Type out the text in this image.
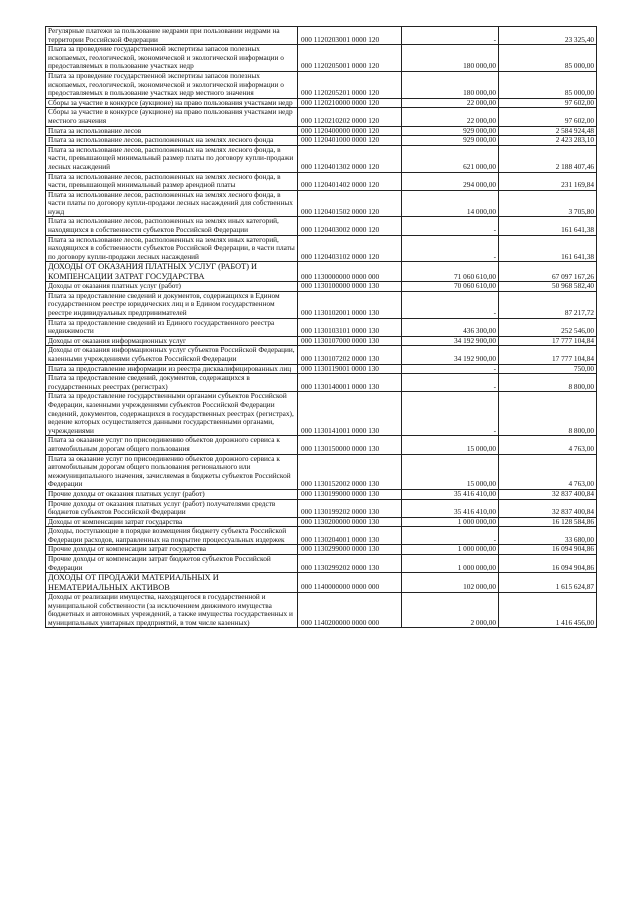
Регулярные платежи за пользование недрами при пользовании недрами на территории Российской Федерации	000 1120203001 0000 120	-	23 325,40
Плата за проведение государственной экспертизы запасов полезных ископаемых, геологической, экономической и экологической информации о предоставляемых в пользование участках недр	000 1120205001 0000 120	180 000,00	85 000,00
Плата за проведение государственной экспертизы запасов полезных ископаемых, геологической, экономической и экологической информации о предоставляемых в пользование участках недр местного значения	000 1120205201 0000 120	180 000,00	85 000,00
Сборы за участие в конкурсе (аукционе) на право пользования участками недр	000 1120210000 0000 120	22 000,00	97 602,00
Сборы за участие в конкурсе (аукционе) на право пользования участками недр местного значения	000 1120210202 0000 120	22 000,00	97 602,00
Плата за использование лесов	000 1120400000 0000 120	929 000,00	2 584 924,48
Плата за использование лесов, расположенных на землях лесного фонда	000 1120401000 0000 120	929 000,00	2 423 283,10
Плата за использование лесов, расположенных на землях лесного фонда, в части, превышающей минимальный размер платы по договору купли-продажи лесных насаждений	000 1120401302 0000 120	621 000,00	2 188 407,46
Плата за использование лесов, расположенных на землях лесного фонда, в части, превышающей минимальный размер арендной платы	000 1120401402 0000 120	294 000,00	231 169,84
Плата за использование лесов, расположенных на землях лесного фонда, в части платы по договору купли-продажи лесных насаждений для собственных нужд	000 1120401502 0000 120	14 000,00	3 705,80
Плата за использование лесов, расположенных на землях иных категорий, находящихся в собственности субъектов Российской Федерации	000 1120403002 0000 120	-	161 641,38
Плата за использование лесов, расположенных на землях иных категорий, находящихся в собственности субъектов Российской Федерации, в части платы по договору купли-продажи лесных насаждений	000 1120403102 0000 120	-	161 641,38
ДОХОДЫ ОТ ОКАЗАНИЯ ПЛАТНЫХ УСЛУГ (РАБОТ) И КОМПЕНСАЦИИ ЗАТРАТ ГОСУДАРСТВА	000 1130000000 0000 000	71 060 610,00	67 097 167,26
Доходы от оказания платных услуг (работ)	000 1130100000 0000 130	70 060 610,00	50 968 582,40
Плата за предоставление сведений и документов, содержащихся в Едином государственном реестре юридических лиц и в Едином государственном реестре индивидуальных предпринимателей	000 1130102001 0000 130	-	87 217,72
Плата за предоставление сведений из Единого государственного реестра недвижимости	000 1130103101 0000 130	436 300,00	252 546,00
Доходы от оказания информационных услуг	000 1130107000 0000 130	34 192 900,00	17 777 104,84
Доходы от оказания информационных услуг субъектов Российской Федерации, казенными учреждениями субъектов Российской Федерации	000 1130107202 0000 130	34 192 900,00	17 777 104,84
Плата за предоставление информации из реестра дисквалифицированных лиц	000 1130119001 0000 130	-	750,00
Плата за предоставление сведений, документов, содержащихся в государственных реестрах (регистрах)	000 1130140001 0000 130	-	8 800,00
Плата за предоставление государственными органами субъектов Российской Федерации, казенными учреждениями субъектов Российской Федерации сведений, документов, содержащихся в государственных реестрах (регистрах), ведение которых осуществляется данными государственными органами, учреждениями	000 1130141001 0000 130	-	8 800,00
Плата за оказание услуг по присоединению объектов дорожного сервиса к автомобильным дорогам общего пользования	000 1130150000 0000 130	15 000,00	4 763,00
Плата за оказание услуг по присоединению объектов дорожного сервиса к автомобильным дорогам общего пользования регионального или межмуниципального значения, зачисляемая в бюджеты субъектов Российской Федерации	000 1130152002 0000 130	15 000,00	4 763,00
Прочие доходы от оказания платных услуг (работ)	000 1130199000 0000 130	35 416 410,00	32 837 400,84
Прочие доходы от оказания платных услуг (работ) получателями средств бюджетов субъектов Российской Федерации	000 1130199202 0000 130	35 416 410,00	32 837 400,84
Доходы от компенсации затрат государства	000 1130200000 0000 130	1 000 000,00	16 128 584,86
Доходы, поступающие в порядке возмещения бюджету субъекта Российской Федерации расходов, направленных на покрытие процессуальных издержек	000 1130204001 0000 130	-	33 680,00
Прочие доходы от компенсации затрат государства	000 1130299000 0000 130	1 000 000,00	16 094 904,86
Прочие доходы от компенсации затрат бюджетов субъектов Российской Федерации	000 1130299202 0000 130	1 000 000,00	16 094 904,86
ДОХОДЫ ОТ ПРОДАЖИ МАТЕРИАЛЬНЫХ И НЕМАТЕРИАЛЬНЫХ АКТИВОВ	000 1140000000 0000 000	102 000,00	1 615 624,87
Доходы от реализации имущества, находящегося в государственной и муниципальной собственности (за исключением движимого имущества бюджетных и автономных учреждений, а также имущества государственных и муниципальных унитарных предприятий, в том числе казенных)	000 1140200000 0000 000	2 000,00	1 416 456,00
